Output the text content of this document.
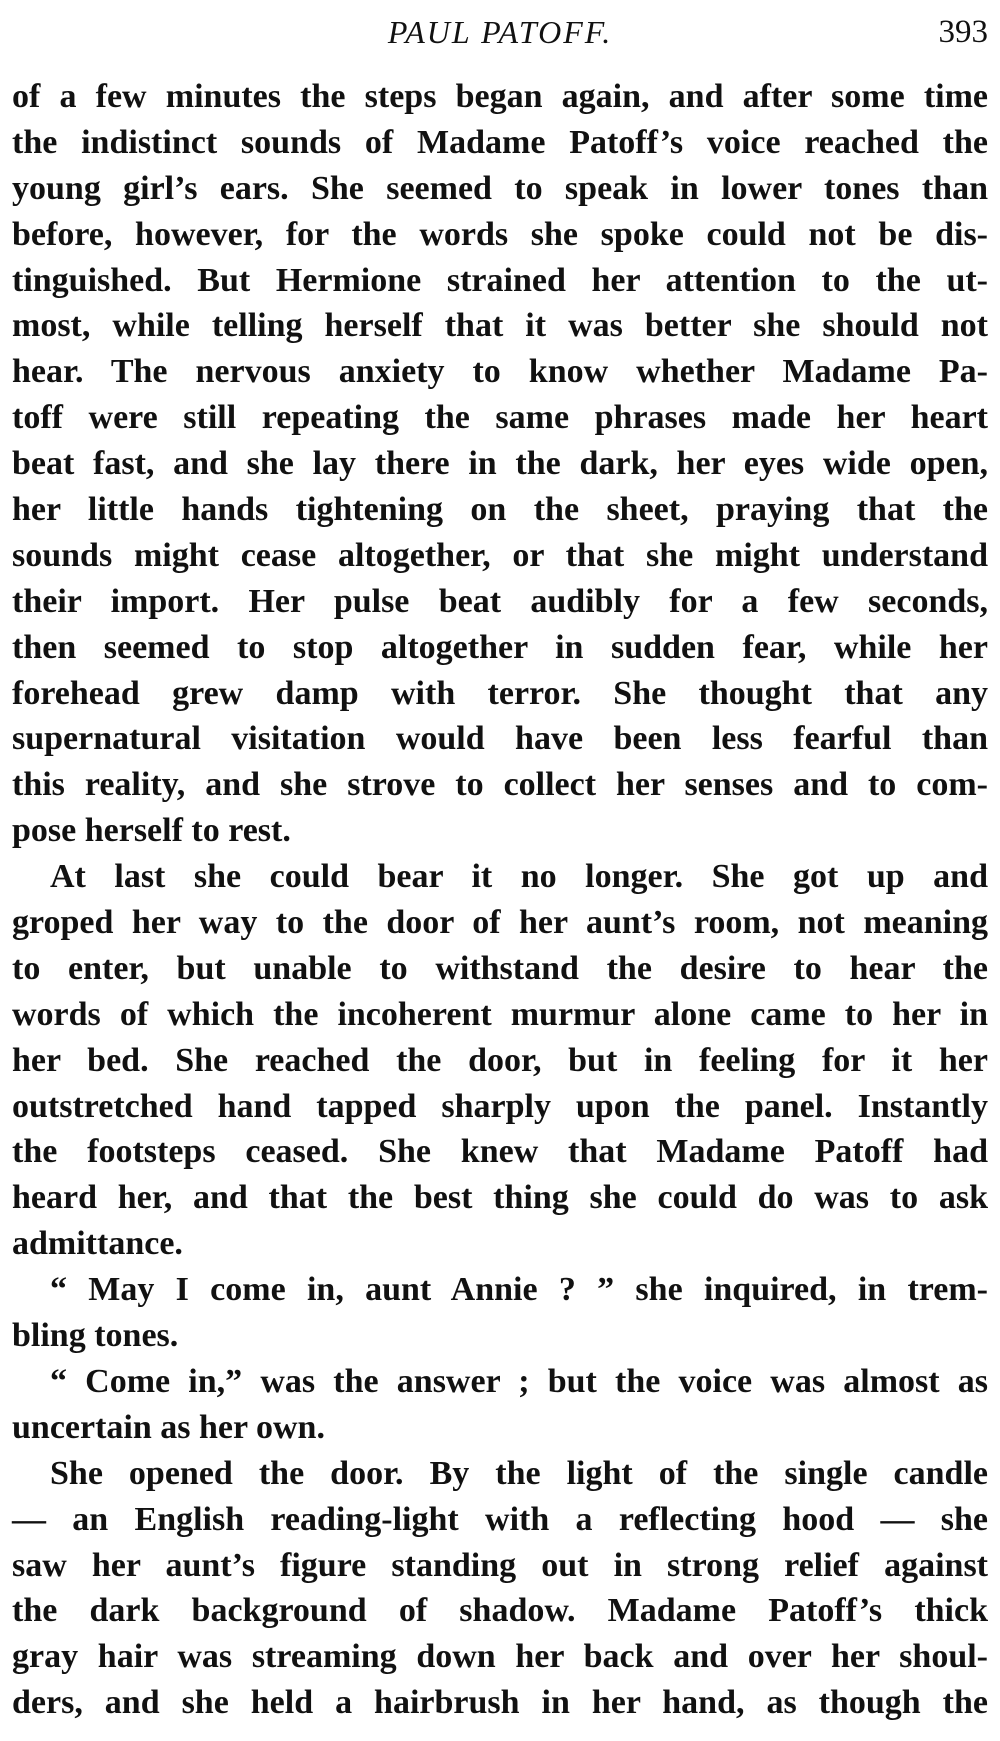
PAUL PATOFF.	393
of a few minutes the steps began again, and after some time
the indistinct sounds of Madame Patoff’s voice reached the
young girl’s ears. She seemed to speak in lower tones than
before, however, for the words she spoke could not be dis-
tinguished. But Hermione strained her attention to the ut-
most, while telling herself that it was better she should not
hear. The nervous anxiety to know whether Madame Pa-
toff were still repeating the same phrases made her heart
beat fast, and she lay there in the dark, her eyes wide open,
her little hands tightening on the sheet, praying that the
sounds might cease altogether, or that she might understand
their import. Her pulse beat audibly for a few seconds,
then seemed to stop altogether in sudden fear, while her
forehead grew damp with terror. She thought that any
supernatural visitation would have been less fearful than
this reality, and she strove to collect her senses and to com-
pose herself to rest.
At last she could bear it no longer. She got up and
groped her way to the door of her aunt’s room, not meaning
to enter, but unable to withstand the desire to hear the
words of which the incoherent murmur alone came to her in
her bed. She reached the door, but in feeling for it her
outstretched hand tapped sharply upon the panel. Instantly
the footsteps ceased. She knew that Madame Patoff had
heard her, and that the best thing she could do was to ask
admittance.
“ May I come in, aunt Annie ? ” she inquired, in trem-
bling tones.
“ Come in,” was the answer ; but the voice was almost as
uncertain as her own.
She opened the door. By the light of the single candle
— an English reading-light with a reflecting hood — she
saw her aunt’s figure standing out in strong relief against
the dark background of shadow. Madame Patoff’s thick
gray hair was streaming down her back and over her shoul-
ders, and she held a hairbrush in her hand, as though the
